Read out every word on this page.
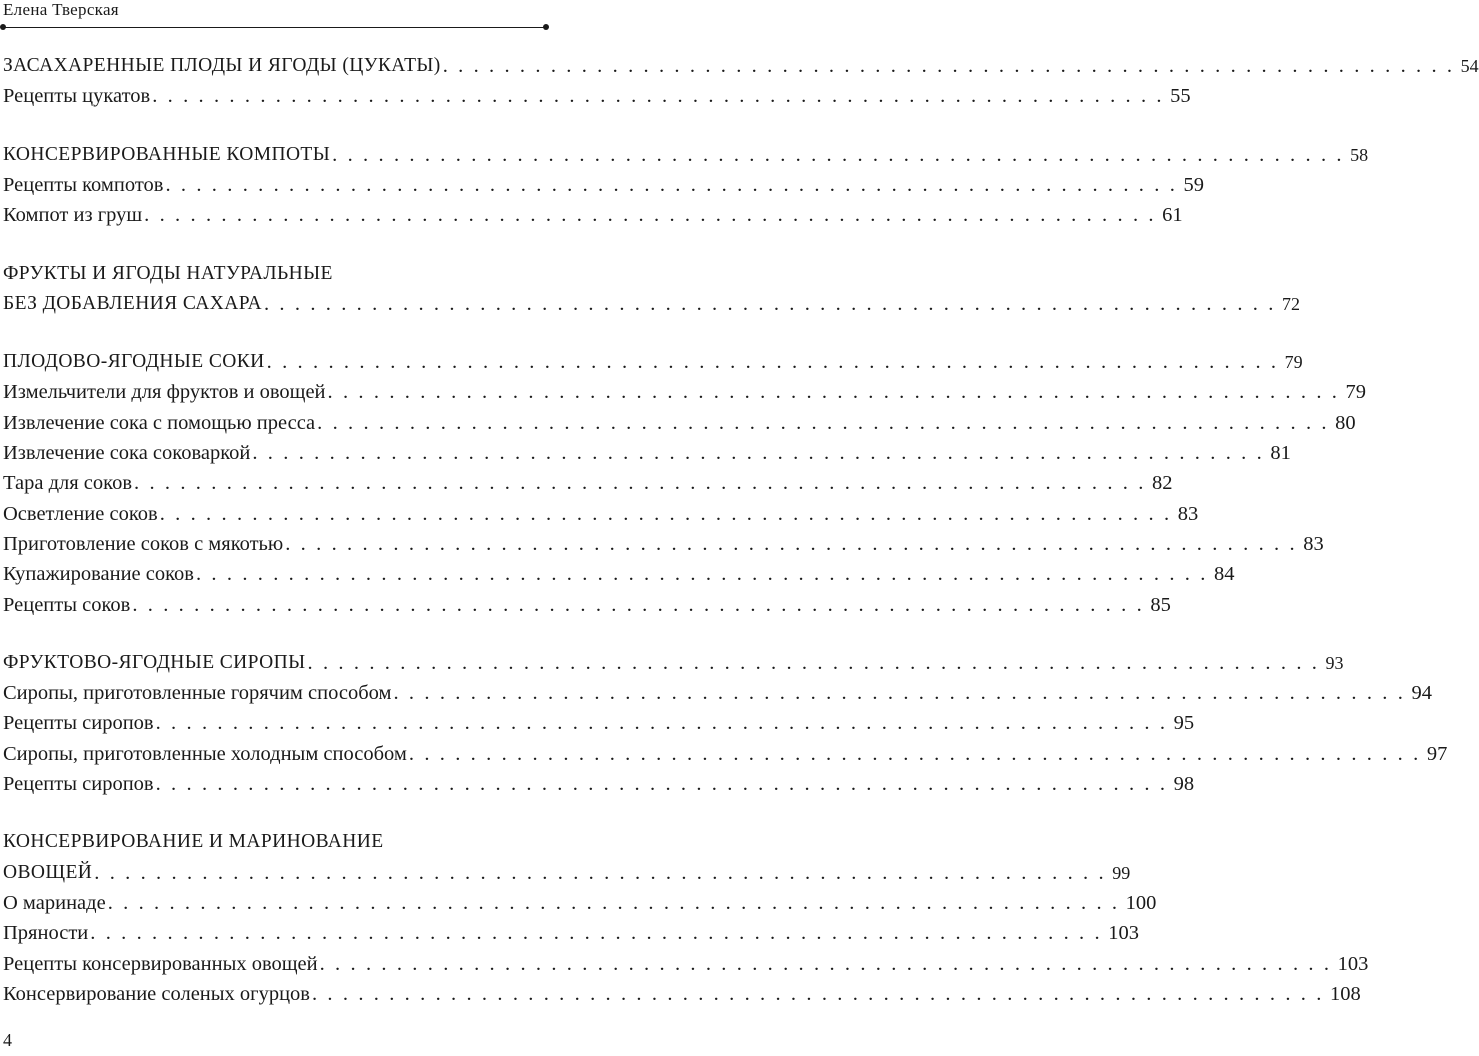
Елена Тверская
ЗАСАХАРЕННЫЕ ПЛОДЫ И ЯГОДЫ (ЦУКАТЫ) . . . . . . . . . . . . . . . . . . . . . . . . . . . . . . . . . . . . . . . . . . . . . . . . . . . . . . . . . . . . . . . . . . 54
Рецепты цукатов . . . . . . . . . . . . . . . . . . . . . . . . . . . . . . . . . . . . . . . . . . . . . . . . . . . . . . . . . . . . . . . . . . 55
КОНСЕРВИРОВАННЫЕ КОМПОТЫ . . . . . . . . . . . . . . . . . . . . . . . . . . . . . . . . . . . . . . . . . . . . . . . . . . . . . . . . . . . . . . . . . . 58
Рецепты компотов . . . . . . . . . . . . . . . . . . . . . . . . . . . . . . . . . . . . . . . . . . . . . . . . . . . . . . . . . . . . . . . . . . 59
Компот из груш . . . . . . . . . . . . . . . . . . . . . . . . . . . . . . . . . . . . . . . . . . . . . . . . . . . . . . . . . . . . . . . . . . 61
ФРУКТЫ И ЯГОДЫ НАТУРАЛЬНЫЕ
БЕЗ ДОБАВЛЕНИЯ САХАРА . . . . . . . . . . . . . . . . . . . . . . . . . . . . . . . . . . . . . . . . . . . . . . . . . . . . . . . . . . . . . . . . . . 72
ПЛОДОВО-ЯГОДНЫЕ СОКИ . . . . . . . . . . . . . . . . . . . . . . . . . . . . . . . . . . . . . . . . . . . . . . . . . . . . . . . . . . . . . . . . . . 79
Измельчители для фруктов и овощей . . . . . . . . . . . . . . . . . . . . . . . . . . . . . . . . . . . . . . . . . . . . . . . . . . . . . . . . . . . . . . . . . . 79
Извлечение сока с помощью пресса . . . . . . . . . . . . . . . . . . . . . . . . . . . . . . . . . . . . . . . . . . . . . . . . . . . . . . . . . . . . . . . . . . 80
Извлечение сока соковаркой . . . . . . . . . . . . . . . . . . . . . . . . . . . . . . . . . . . . . . . . . . . . . . . . . . . . . . . . . . . . . . . . . . 81
Тара для соков . . . . . . . . . . . . . . . . . . . . . . . . . . . . . . . . . . . . . . . . . . . . . . . . . . . . . . . . . . . . . . . . . . 82
Осветление соков . . . . . . . . . . . . . . . . . . . . . . . . . . . . . . . . . . . . . . . . . . . . . . . . . . . . . . . . . . . . . . . . . . 83
Приготовление соков с мякотью . . . . . . . . . . . . . . . . . . . . . . . . . . . . . . . . . . . . . . . . . . . . . . . . . . . . . . . . . . . . . . . . . . 83
Купажирование соков . . . . . . . . . . . . . . . . . . . . . . . . . . . . . . . . . . . . . . . . . . . . . . . . . . . . . . . . . . . . . . . . . . 84
Рецепты соков . . . . . . . . . . . . . . . . . . . . . . . . . . . . . . . . . . . . . . . . . . . . . . . . . . . . . . . . . . . . . . . . . . 85
ФРУКТОВО-ЯГОДНЫЕ СИРОПЫ . . . . . . . . . . . . . . . . . . . . . . . . . . . . . . . . . . . . . . . . . . . . . . . . . . . . . . . . . . . . . . . . . . 93
Сиропы, приготовленные горячим способом . . . . . . . . . . . . . . . . . . . . . . . . . . . . . . . . . . . . . . . . . . . . . . . . . . . . . . . . . . . . . . . . . . 94
Рецепты сиропов . . . . . . . . . . . . . . . . . . . . . . . . . . . . . . . . . . . . . . . . . . . . . . . . . . . . . . . . . . . . . . . . . . 95
Сиропы, приготовленные холодным способом . . . . . . . . . . . . . . . . . . . . . . . . . . . . . . . . . . . . . . . . . . . . . . . . . . . . . . . . . . . . . . . . . . 97
Рецепты сиропов . . . . . . . . . . . . . . . . . . . . . . . . . . . . . . . . . . . . . . . . . . . . . . . . . . . . . . . . . . . . . . . . . . 98
КОНСЕРВИРОВАНИЕ И МАРИНОВАНИЕ
ОВОЩЕЙ . . . . . . . . . . . . . . . . . . . . . . . . . . . . . . . . . . . . . . . . . . . . . . . . . . . . . . . . . . . . . . . . . . 99
О маринаде . . . . . . . . . . . . . . . . . . . . . . . . . . . . . . . . . . . . . . . . . . . . . . . . . . . . . . . . . . . . . . . . . . 100
Пряности . . . . . . . . . . . . . . . . . . . . . . . . . . . . . . . . . . . . . . . . . . . . . . . . . . . . . . . . . . . . . . . . . . 103
Рецепты консервированных овощей . . . . . . . . . . . . . . . . . . . . . . . . . . . . . . . . . . . . . . . . . . . . . . . . . . . . . . . . . . . . . . . . . . 103
Консервирование соленых огурцов . . . . . . . . . . . . . . . . . . . . . . . . . . . . . . . . . . . . . . . . . . . . . . . . . . . . . . . . . . . . . . . . . . 108
4
